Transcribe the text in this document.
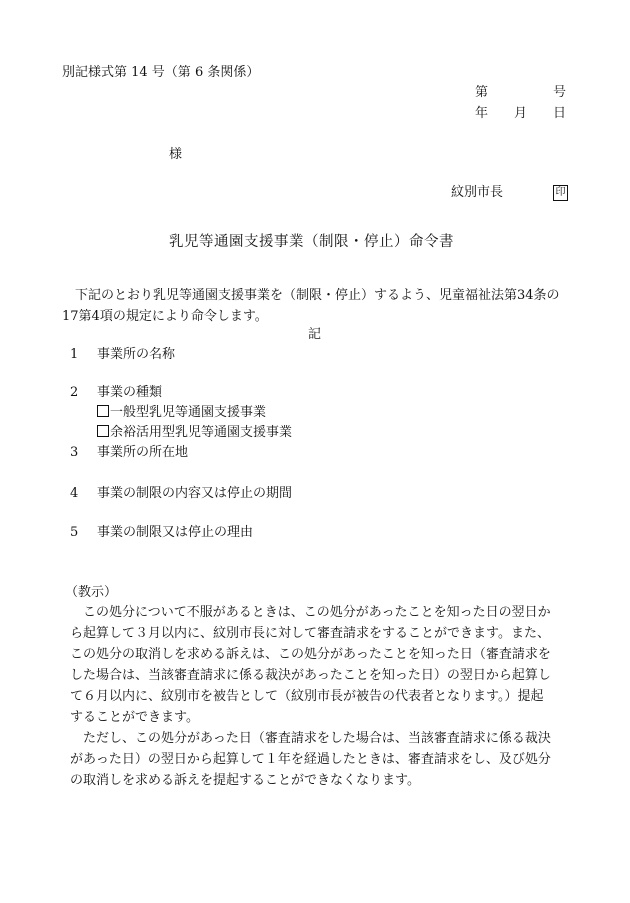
別記様式第 14 号（第 6 条関係）
第	号
年 月 日
様
紋別市長	印
乳児等通園支援事業（制限・停止）命令書
下記のとおり乳児等通園支援事業を（制限・停止）するよう、児童福祉法第34条の
17第4項の規定により命令します。
記
1 事業所の名称
2 事業の種類
一般型乳児等通園支援事業
余裕活用型乳児等通園支援事業
3 事業所の所在地
4 事業の制限の内容又は停止の期間
5 事業の制限又は停止の理由
（教示）
この処分について不服があるときは、この処分があったことを知った日の翌日か
ら起算して３月以内に、紋別市長に対して審査請求をすることができます。また、
この処分の取消しを求める訴えは、この処分があったことを知った日（審査請求を
した場合は、当該審査請求に係る裁決があったことを知った日）の翌日から起算し
て６月以内に、紋別市を被告として（紋別市長が被告の代表者となります。）提起
することができます。
ただし、この処分があった日（審査請求をした場合は、当該審査請求に係る裁決
があった日）の翌日から起算して１年を経過したときは、審査請求をし、及び処分
の取消しを求める訴えを提起することができなくなります。
